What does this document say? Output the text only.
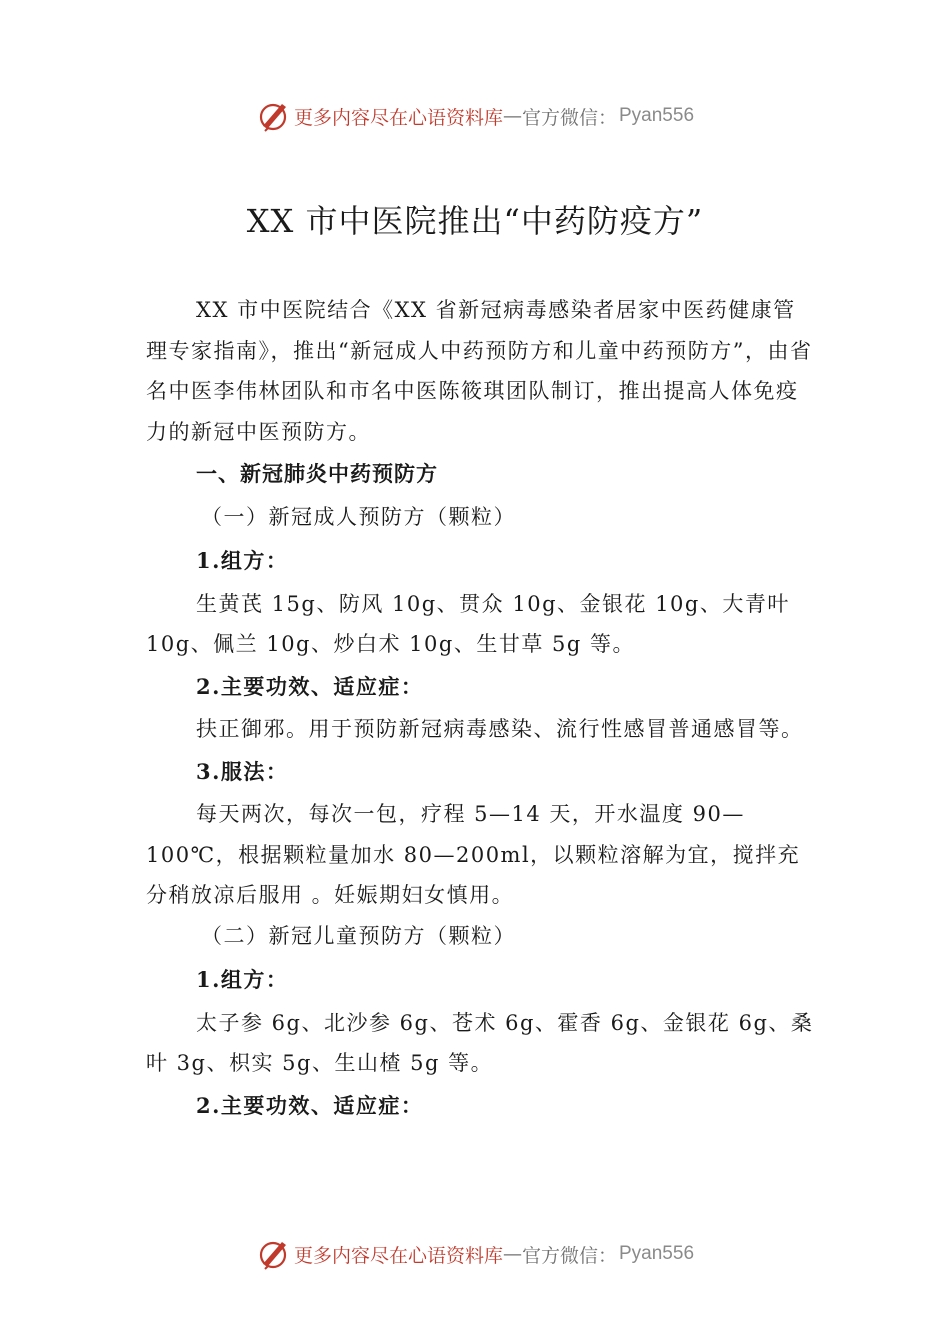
更多内容尽在心语资料库 — 官方微信： Pyan556
XX 市中医院推出“中药防疫方”

XX 市中医院结合《XX 省新冠病毒感染者居家中医药健康管理专家指南》，推出“新冠成人中药预防方和儿童中药预防方”，由省名中医李伟林团队和市名中医陈筱琪团队制订，推出提高人体免疫力的新冠中医预防方。

一、新冠肺炎中药预防方

（一）新冠成人预防方（颗粒）

1.组方：

生黄芪 15g、防风 10g、贯众 10g、金银花 10g、大青叶 10g、佩兰 10g、炒白术 10g、生甘草 5g 等。

2.主要功效、适应症：

扶正御邪。用于预防新冠病毒感染、流行性感冒普通感冒等。

3.服法：

每天两次，每次一包，疗程 5—14 天，开水温度 90—100℃，根据颗粒量加水 80—200ml，以颗粒溶解为宜，搅拌充分稍放凉后服用 。妊娠期妇女慎用。

（二）新冠儿童预防方（颗粒）

1.组方：

太子参 6g、北沙参 6g、苍术 6g、霍香 6g、金银花 6g、桑叶 3g、枳实 5g、生山楂 5g 等。

2.主要功效、适应症：

更多内容尽在心语资料库 — 官方微信： Pyan556
